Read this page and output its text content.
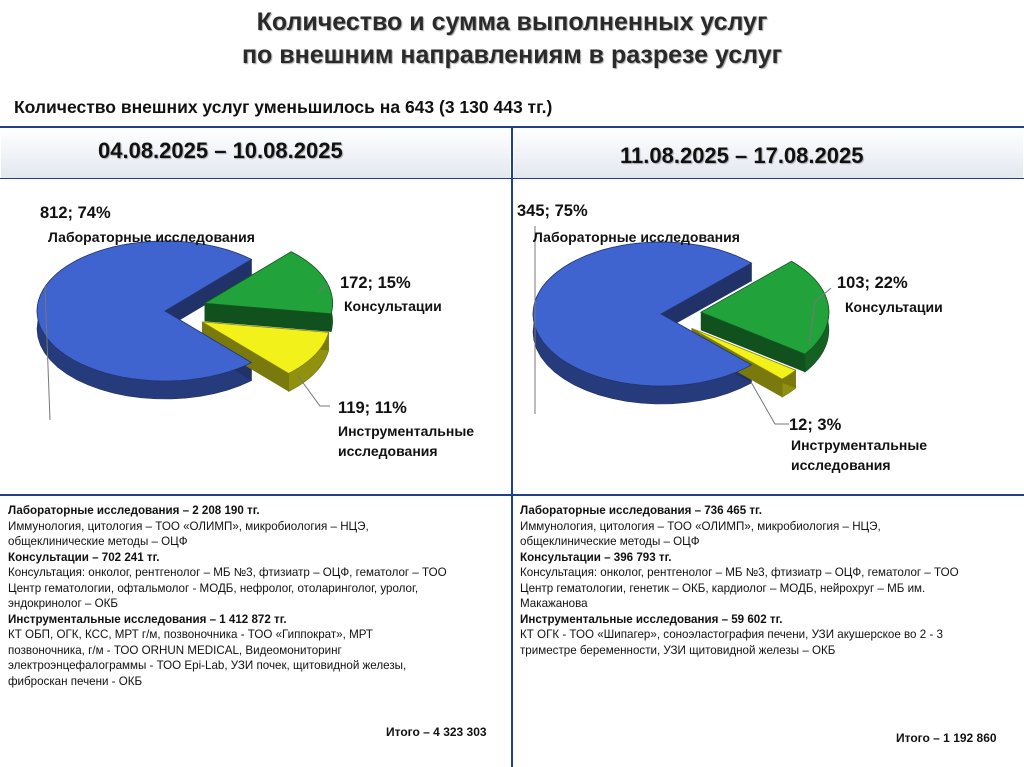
Количество и сумма выполненных услуг
по внешним направлениям в разрезе услуг
Количество внешних услуг уменьшилось на 643 (3 130 443 тг.)
04.08.2025 – 10.08.2025	11.08.2025 – 17.08.2025
812; 74%
Лабораторные исследования
172; 15%
Консультации
119; 11%
Инструментальные
исследования
345; 75%
Лабораторные исследования
103; 22%
Консультации
12; 3%
Инструментальные
исследования

Лабораторные исследования – 2 208 190 тг.

Иммунология, цитология – ТОО «ОЛИМП», микробиология – НЦЭ,

общеклинические методы – ОЦФ

Консультации – 702 241 тг.

Консультация: онколог, рентгенолог – МБ №3, фтизиатр – ОЦФ, гематолог – ТОО

Центр гематологии, офтальмолог - МОДБ, нефролог, отоларинголог, уролог,

эндокринолог – ОКБ

Инструментальные исследования – 1 412 872 тг.

КТ ОБП, ОГК, КСС, МРТ г/м, позвоночника - ТОО «Гиппократ», МРТ

позвоночника, г/м - ТОО ORHUN MEDICAL, Видеомониторинг

электроэнцефалограммы - ТОО Epi-Lab, УЗИ почек, щитовидной железы,

фиброскан печени - ОКБ

Лабораторные исследования – 736 465 тг.

Иммунология, цитология – ТОО «ОЛИМП», микробиология – НЦЭ,

общеклинические методы – ОЦФ

Консультации – 396 793 тг.

Консультация: онколог, рентгенолог – МБ №3, фтизиатр – ОЦФ, гематолог – ТОО

Центр гематологии, генетик – ОКБ, кардиолог – МОДБ, нейрохруг – МБ им.

Макажанова

Инструментальные исследования – 59 602 тг.

КТ ОГК - ТОО «Шипагер», соноэластография печени, УЗИ акушерское во 2 - 3

триместре беременности, УЗИ щитовидной железы – ОКБ

Итого – 4 323 303	Итого – 1 192 860
